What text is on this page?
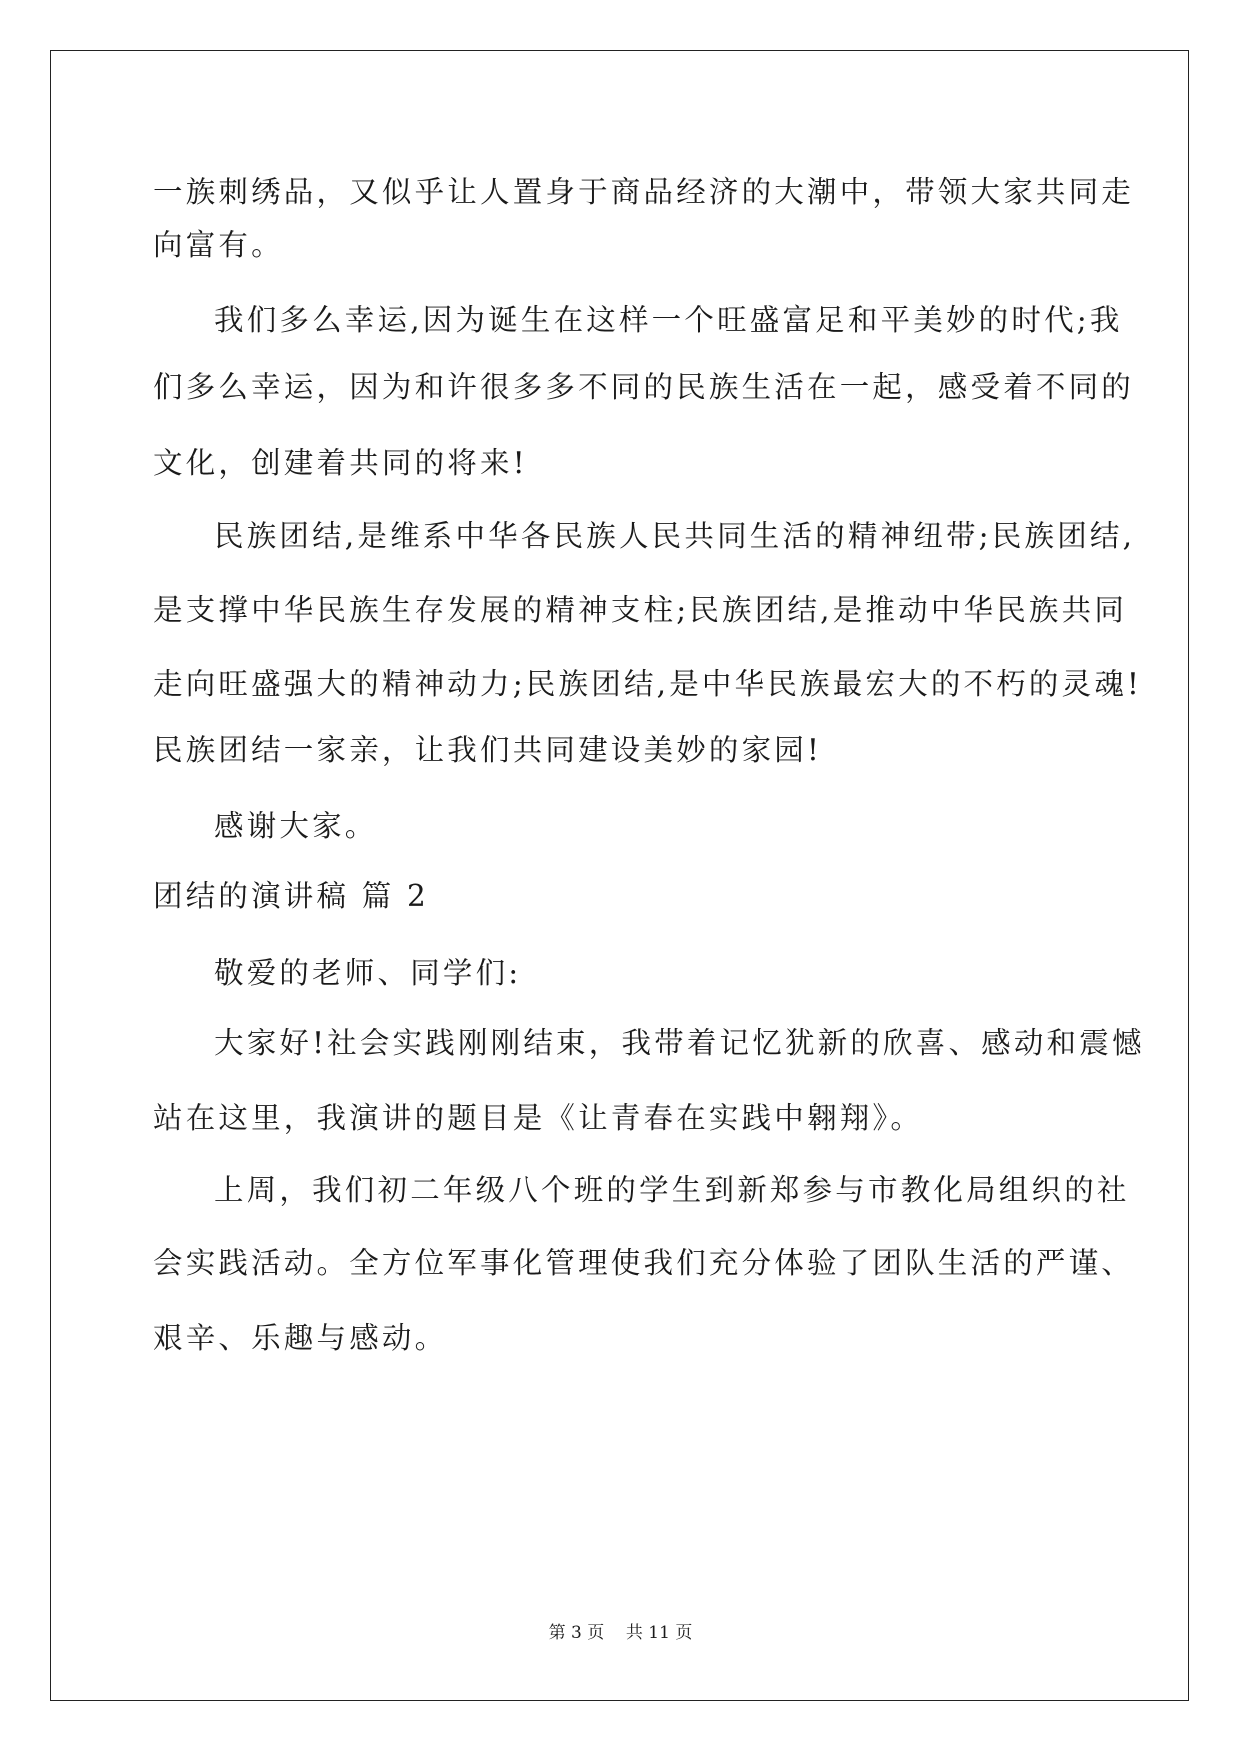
一族刺绣品，又似乎让人置身于商品经济的大潮中，带领大家共同走
向富有。
我们多么幸运,因为诞生在这样一个旺盛富足和平美妙的时代;我
们多么幸运，因为和许很多多不同的民族生活在一起，感受着不同的
文化，创建着共同的将来!
民族团结,是维系中华各民族人民共同生活的精神纽带;民族团结,
是支撑中华民族生存发展的精神支柱;民族团结,是推动中华民族共同
走向旺盛强大的精神动力;民族团结,是中华民族最宏大的不朽的灵魂!
民族团结一家亲，让我们共同建设美妙的家园!
感谢大家。
团结的演讲稿 篇 2
敬爱的老师、同学们:
大家好!社会实践刚刚结束，我带着记忆犹新的欣喜、感动和震憾
站在这里，我演讲的题目是《让青春在实践中翱翔》。
上周，我们初二年级八个班的学生到新郑参与市教化局组织的社
会实践活动。全方位军事化管理使我们充分体验了团队生活的严谨、
艰辛、乐趣与感动。
第 3 页    共 11 页
